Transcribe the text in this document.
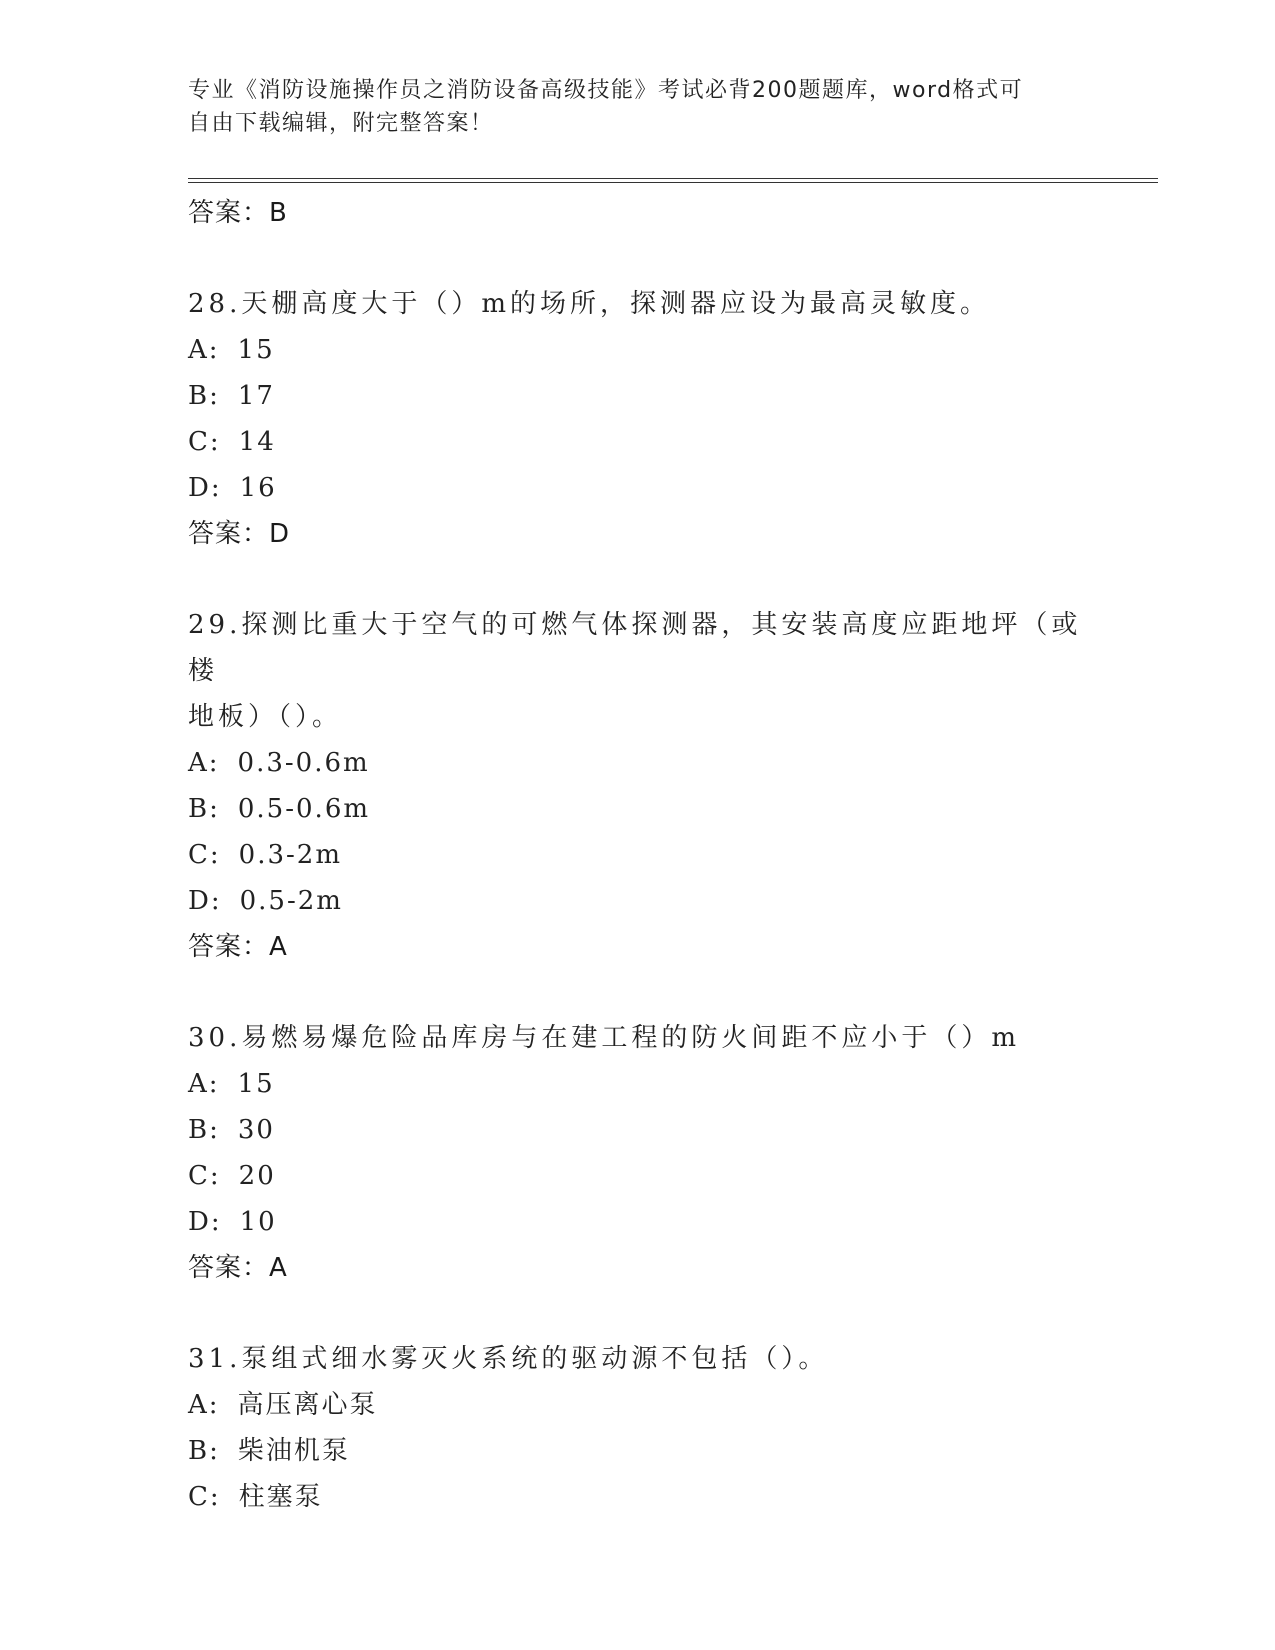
专业《消防设施操作员之消防设备高级技能》考试必背200题题库，word格式可
自由下载编辑，附完整答案！
答案：B
28.天棚高度大于（）m的场所，探测器应设为最高灵敏度。
A: 15
B: 17
C: 14
D: 16
答案：D
29.探测比重大于空气的可燃气体探测器，其安装高度应距地坪（或楼
地板）（）。
A: 0.3-0.6m
B: 0.5-0.6m
C: 0.3-2m
D: 0.5-2m
答案：A
30.易燃易爆危险品库房与在建工程的防火间距不应小于（）m
A: 15
B: 30
C: 20
D: 10
答案：A
31.泵组式细水雾灭火系统的驱动源不包括（）。
A: 高压离心泵
B: 柴油机泵
C: 柱塞泵
